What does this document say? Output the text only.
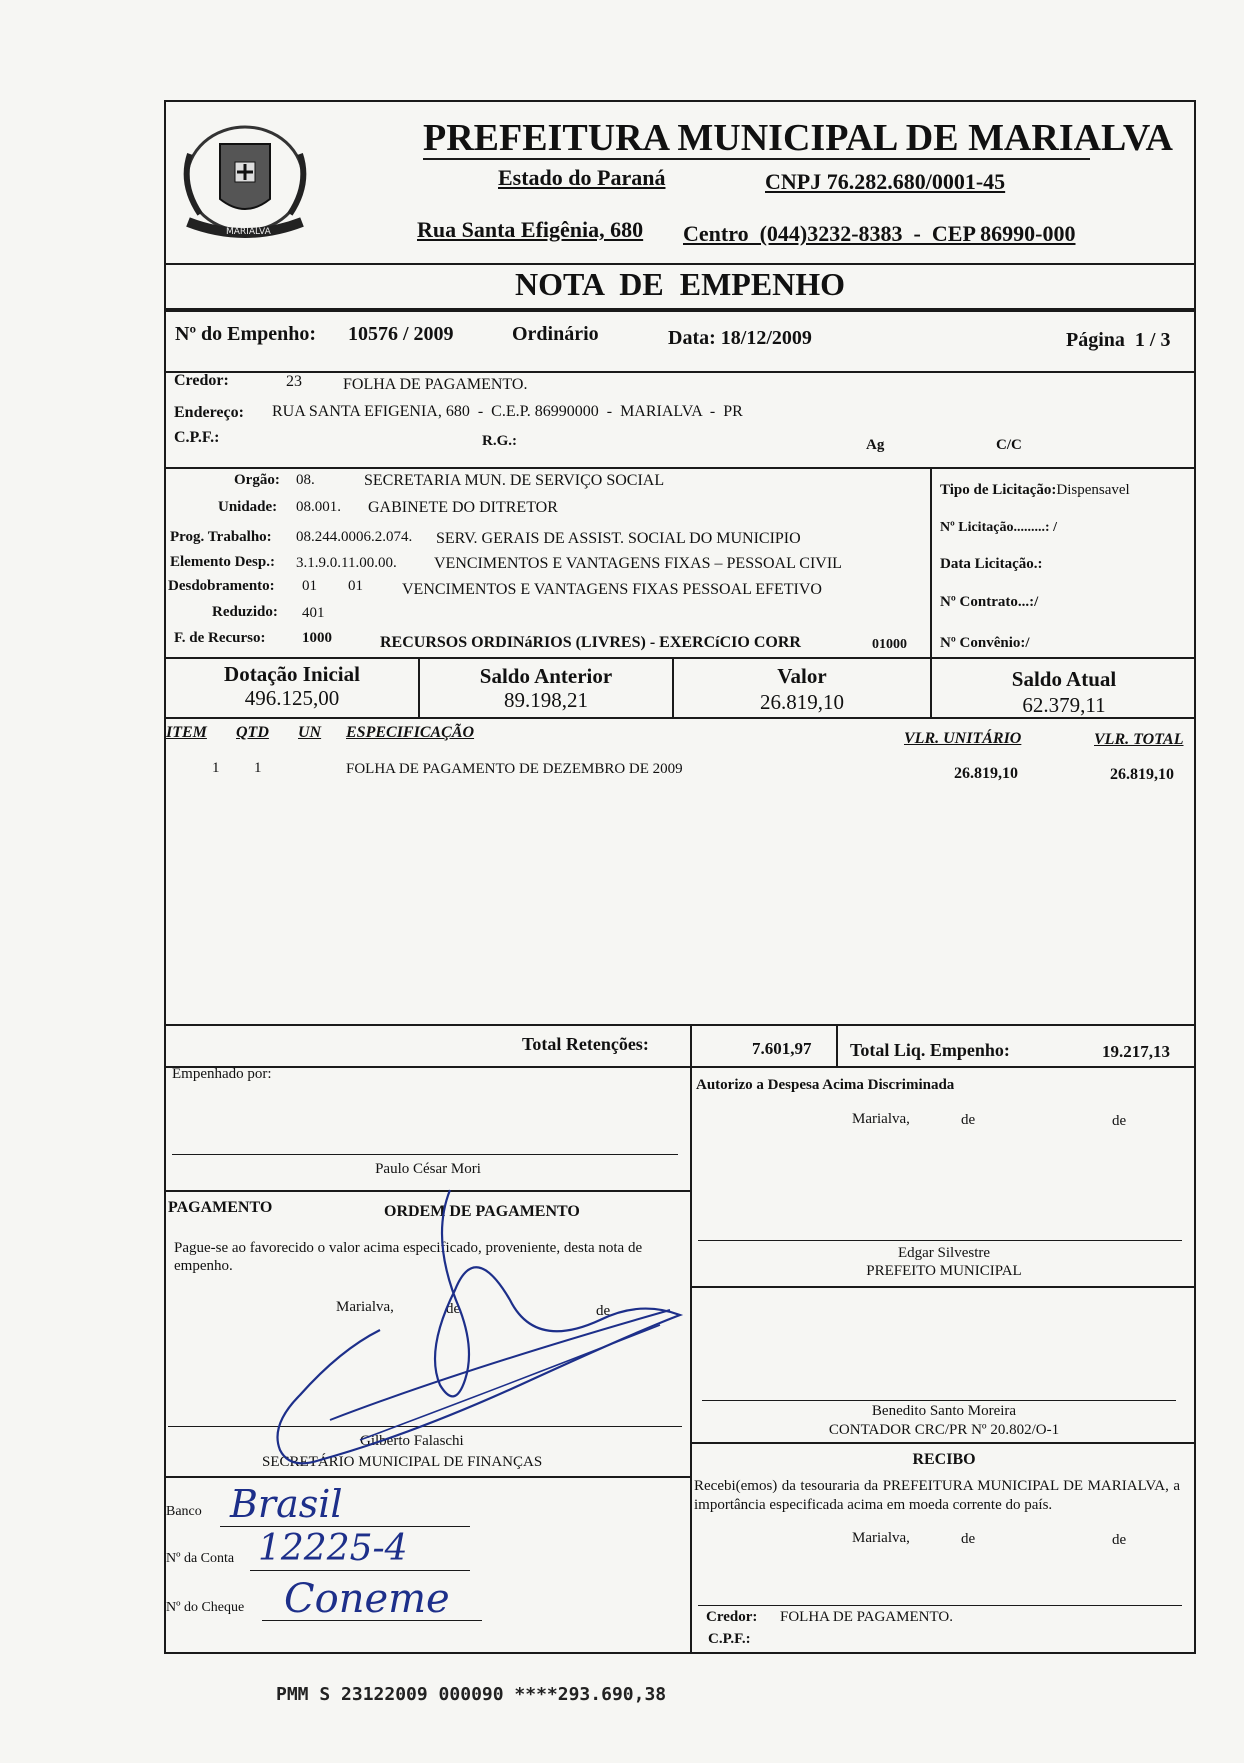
MARIALVA
PREFEITURA MUNICIPAL DE MARIALVA
Estado do Paraná	CNPJ 76.282.680/0001-45
Rua Santa Efigênia, 680 Centro  (044)3232-8383  -  CEP 86990-000
NOTA  DE  EMPENHO
Nº do Empenho: 10576 / 2009	Ordinário	Data: 18/12/2009	Página  1 / 3
Credor:	23	FOLHA DE PAGAMENTO.
Endereço: RUA SANTA EFIGENIA, 680  -  C.E.P. 86990000  -  MARIALVA  -  PR
C.P.F.:	R.G.:	Ag	C/C
Orgão: 08.	SECRETARIA MUN. DE SERVIÇO SOCIAL
Unidade: 08.001. GABINETE DO DITRETOR
Prog. Trabalho: 08.244.0006.2.074. SERV. GERAIS DE ASSIST. SOCIAL DO MUNICIPIO
Elemento Desp.: 3.1.9.0.11.00.00. VENCIMENTOS E VANTAGENS FIXAS – PESSOAL CIVIL
Desdobramento: 01 01 VENCIMENTOS E VANTAGENS FIXAS PESSOAL EFETIVO
Reduzido: 401
F. de Recurso: 1000	RECURSOS ORDINáRIOS (LIVRES) - EXERCíCIO CORR	01000
Tipo de Licitação:Dispensavel
Nº Licitação.........: /
Data Licitação.:
Nº Contrato...:/
Nº Convênio:/
Dotação Inicial
496.125,00
Saldo Anterior
89.198,21
Valor
26.819,10
Saldo Atual
62.379,11
ITEM QTD UN ESPECIFICAÇÃO	VLR. UNITÁRIO	VLR. TOTAL
1 1	FOLHA DE PAGAMENTO DE DEZEMBRO DE 2009	26.819,10	26.819,10
Total Retenções:	7.601,97 Total Liq. Empenho:	19.217,13
Empenhado por:
Paulo César Mori
PAGAMENTO	ORDEM DE PAGAMENTO
Pague-se ao favorecido o valor acima especificado, proveniente, desta nota de empenho.
Marialva,	de	de
Gilberto Falaschi
SECRETÁRIO MUNICIPAL DE FINANÇAS
Banco Brasil
Nº da Conta 12225-4
Nº do Cheque Coneme
Autorizo a Despesa Acima Discriminada
Marialva,	de	de
Edgar Silvestre
PREFEITO MUNICIPAL
Benedito Santo Moreira
CONTADOR CRC/PR Nº 20.802/O-1
RECIBO
Recebi(emos) da tesouraria da PREFEITURA MUNICIPAL DE MARIALVA, a importância especificada acima em moeda corrente do país.
Marialva,	de	de
Credor: FOLHA DE PAGAMENTO.
C.P.F.:
PMM S 23122009 000090 ****293.690,38
